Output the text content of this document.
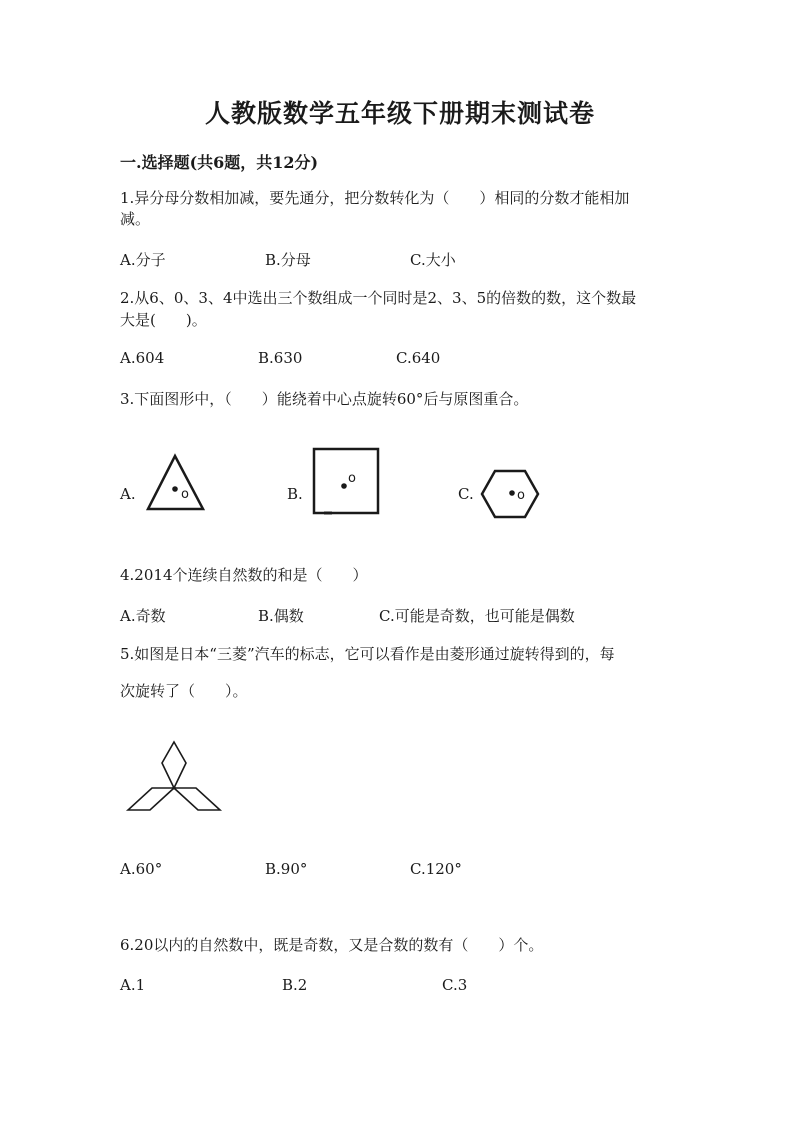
人教版数学五年级下册期末测试卷
一.选择题(共6题，共12分)
1.异分母分数相加减，要先通分，把分数转化为（　　）相同的分数才能相加
减。
A.分子	B.分母	C.大小
2.从6、0、3、4中选出三个数组成一个同时是2、3、5的倍数的数，这个数最
大是(　　)。
A.604	B.630	C.640
3.下面图形中，（　　）能绕着中心点旋转60°后与原图重合。
A.	B.	C.
o
o
o
4.2014个连续自然数的和是（　　）
A.奇数	B.偶数	C.可能是奇数，也可能是偶数
5.如图是日本“三菱”汽车的标志，它可以看作是由菱形通过旋转得到的，每
次旋转了（　　）。
A.60°	B.90°	C.120°
6.20以内的自然数中，既是奇数，又是合数的数有（　　）个。
A.1	B.2	C.3
